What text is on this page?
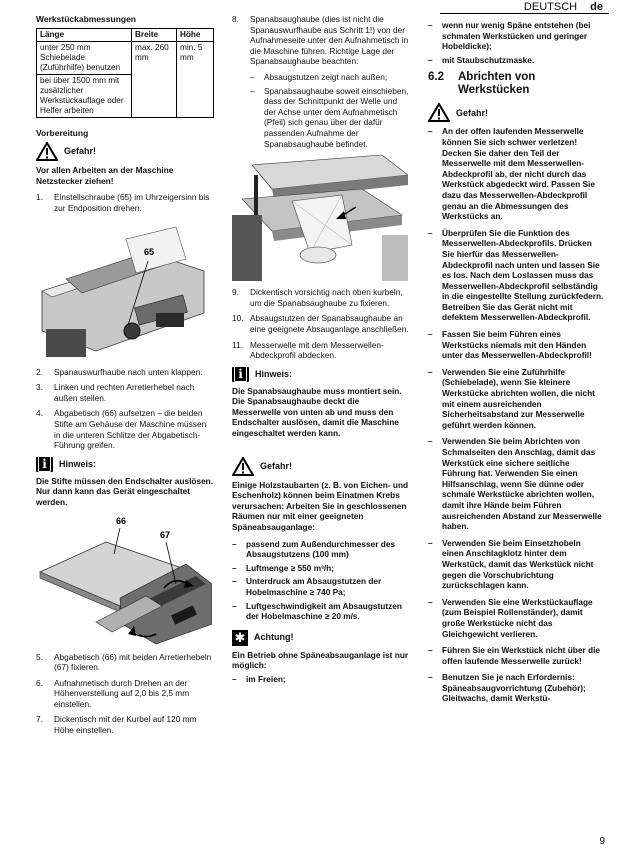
DEUTSCH de
Werkstückabmessungen
Länge	Breite	Höhe
unter 250 mm Schiebelade (Zuführhilfe) benutzen	max. 260 mm	min. 5 mm
bei über 1500 mm mit zusätzlicher Werkstückauflage oder Helfer arbeiten		
Vorbereitung
Gefahr!

Vor allen Arbeiten an der Maschine Netzstecker ziehen!

1.	Einstellschraube (65) im Uhrzeigersinn bis zur Endposition drehen.
65
2.	Spanauswurfhaube nach unten klappen.
3.	Linken und rechten Arretierhebel nach außen stellen.
4.	Abgabetisch (66) aufsetzen – die beiden Stifte am Gehäuse der Maschine müssen in die unteren Schlitze der Abgabetisch-Führung greifen.
i	Hinweis:

Die Stifte müssen den Endschalter auslösen. Nur dann kann das Gerät eingeschaltet werden.

66
67
5.	Abgabetisch (66) mit beiden Arretierhebeln (67) fixieren.
6.	Aufnahmetisch durch Drehen an der Höhenverstellung auf 2,0 bis 2,5 mm einstellen.
7.	Dickentisch mit der Kurbel auf 120 mm Höhe einstellen.
8.	Spanabsaughaube (dies ist nicht die Spanauswurfhaube aus Schritt 1!) von der Aufnahmeseite unter den Aufnahmetisch in die Maschine führen. Richtige Lage der Spanabsaughaube beachten:
–	Absaugstutzen zeigt nach außen;
–	Spanabsaughaube soweit einschieben, dass der Schnittpunkt der Welle und der Achse unter dem Aufnahmetisch (Pfeil) sich genau über der dafür passenden Aufnahme der Spanabsaughaube befindet.
9.	Dickentisch vorsichtig nach oben kurbeln, um die Spanabsaughaube zu fixieren.
10. Absaugstutzen der Spanabsaughaube an eine geeignete Absauganlage anschließen.
11. Messerwelle mit dem Messerwellen-Abdeckprofil abdecken.
i	Hinweis:

Die Spanabsaughaube muss montiert sein. Die Spanabsaughaube deckt die Messerwelle von unten ab und muss den Endschalter auslösen, damit die Maschine eingeschaltet werden kann.

Gefahr!

Einige Holzstaubarten (z. B. von Eichen- und Eschenholz) können beim Einatmen Krebs verursachen: Arbeiten Sie in geschlossenen Räumen nur mit einer geeigneten Späneabsauganlage:

–	passend zum Außendurchmesser des Absaugstutzens (100 mm)
–	Luftmenge ≥ 550 m³/h;
–	Unterdruck am Absaugstutzen der Hobelmaschine ≥ 740 Pa;
–	Luftgeschwindigkeit am Absaugstutzen der Hobelmaschine ≥ 20 m/s.
✱ Achtung!

Ein Betrieb ohne Späneabsauganlage ist nur möglich:

–	im Freien;
–	wenn nur wenig Späne entstehen (bei schmalen Werkstücken und geringer Hobeldicke);
–	mit Staubschutzmaske.
6.2	Abrichten von Werkstücken
Gefahr!
–	An der offen laufenden Messerwelle können Sie sich schwer verletzen! Decken Sie daher den Teil der Messerwelle mit dem Messerwellen-Abdeckprofil ab, der nicht durch das Werkstück abgedeckt wird. Passen Sie dazu das Messerwellen-Abdeckprofil genau an die Abmessungen des Werkstücks an.
–	Überprüfen Sie die Funktion des Messerwellen-Abdeckprofils. Drücken Sie hierfür das Messerwellen-Abdeckprofil nach unten und lassen Sie es los. Nach dem Loslassen muss das Messerwellen-Abdeckprofil selbständig in die eingestellte Stellung zurückfedern. Betreiben Sie das Gerät nicht mit defektem Messerwellen-Abdeckprofil.
–	Fassen Sie beim Führen eines Werkstücks niemals mit den Händen unter das Messerwellen-Abdeckprofil!
–	Verwenden Sie eine Zuführhilfe (Schiebelade), wenn Sie kleinere Werkstücke abrichten wollen, die nicht mit einem ausreichenden Sicherheitsabstand zur Messerwelle geführt werden können.
–	Verwenden Sie beim Abrichten von Schmalseiten den Anschlag, damit das Werkstück eine sichere seitliche Führung hat. Verwenden Sie einen Hilfsanschlag, wenn Sie dünne oder schmale Werkstücke abrichten wollen, damit ihre Hände beim Führen ausreichenden Abstand zur Messerwelle haben.
–	Verwenden Sie beim Einsetzhobeln einen Anschlagklotz hinter dem Werkstück, damit das Werkstück nicht gegen die Vorschubrichtung zurückschlagen kann.
–	Verwenden Sie eine Werkstückauflage (zum Beispiel Rollenständer), damit große Werkstücke nicht das Gleichgewicht verlieren.
–	Führen Sie ein Werkstück nicht über die offen laufende Messerwelle zurück!
–	Benutzen Sie je nach Erfordernis: Späneabsaugvorrichtung (Zubehör); Gleitwachs, damit Werkstü-
9
